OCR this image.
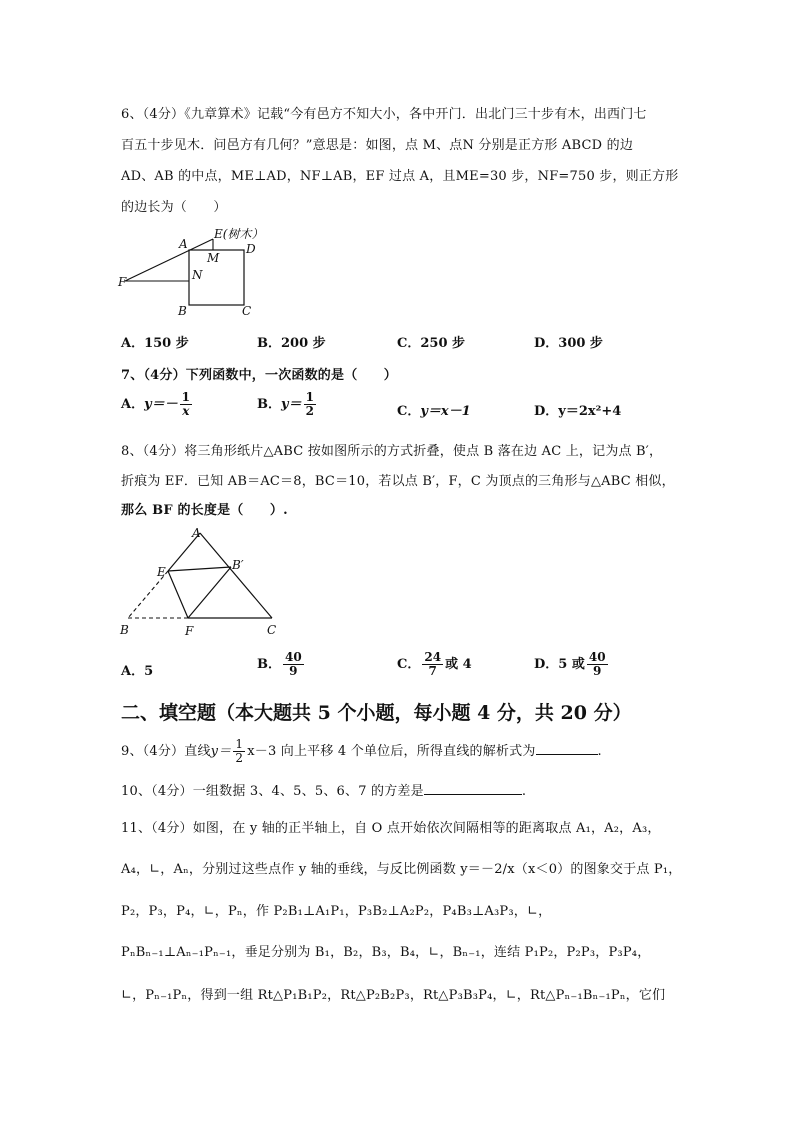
6、（4分）《九章算术》记载“今有邑方不知大小，各中开门．出北门三十步有木，出西门七
百五十步见木．问邑方有几何？”意思是：如图，点 M、点N 分别是正方形 ABCD 的边
AD、AB 的中点，ME⊥AD，NF⊥AB，EF 过点 A，且ME=30 步，NF=750 步，则正方形
的边长为（　　）
A
E(树木）
D
M
N
F
B	C
A．150 步	B．200 步	C．250 步	D．300 步
7、（4分）下列函数中，一次函数的是（　　）
A．$y=- \frac{1}{x}$	B．$y= \frac{1}{2}$	C．y＝x－1	D．y＝2x²+4
8、（4分）将三角形纸片△ABC 按如图所示的方式折叠，使点 B 落在边 AC 上，记为点 B′，
折痕为 EF．已知 AB＝AC＝8，BC＝10，若以点 B′，F，C 为顶点的三角形与△ABC 相似，
那么 BF 的长度是（　　）.
A
E	B′
B	F	C
A．5	B． $\frac{40}{9}$	C． $\frac{24}{7}$ 或 4	D．5 或 $\frac{40}{9}$
二、填空题（本大题共 5 个小题，每小题 4 分，共 20 分）
9、（4分）直线$y= \frac{1}{2} x-3$ 向上平移 4 个单位后，所得直线的解析式为	.
10、（4分）一组数据 3、4、5、5、6、7 的方差是	.
11、（4分）如图，在 y 轴的正半轴上，自 O 点开始依次间隔相等的距离取点 A₁，A₂，A₃，
A₄，∟，Aₙ，分别过这些点作 y 轴的垂线，与反比例函数 y＝－2/x（x＜0）的图象交于点 P₁，
P₂，P₃，P₄，∟，Pₙ，作 P₂B₁⊥A₁P₁，P₃B₂⊥A₂P₂，P₄B₃⊥A₃P₃，∟，
PₙBₙ₋₁⊥Aₙ₋₁Pₙ₋₁，垂足分别为 B₁，B₂，B₃，B₄，∟，Bₙ₋₁，连结 P₁P₂，P₂P₃，P₃P₄，
∟，Pₙ₋₁Pₙ，得到一组 Rt△P₁B₁P₂，Rt△P₂B₂P₃，Rt△P₃B₃P₄，∟，Rt△Pₙ₋₁Bₙ₋₁Pₙ，它们
